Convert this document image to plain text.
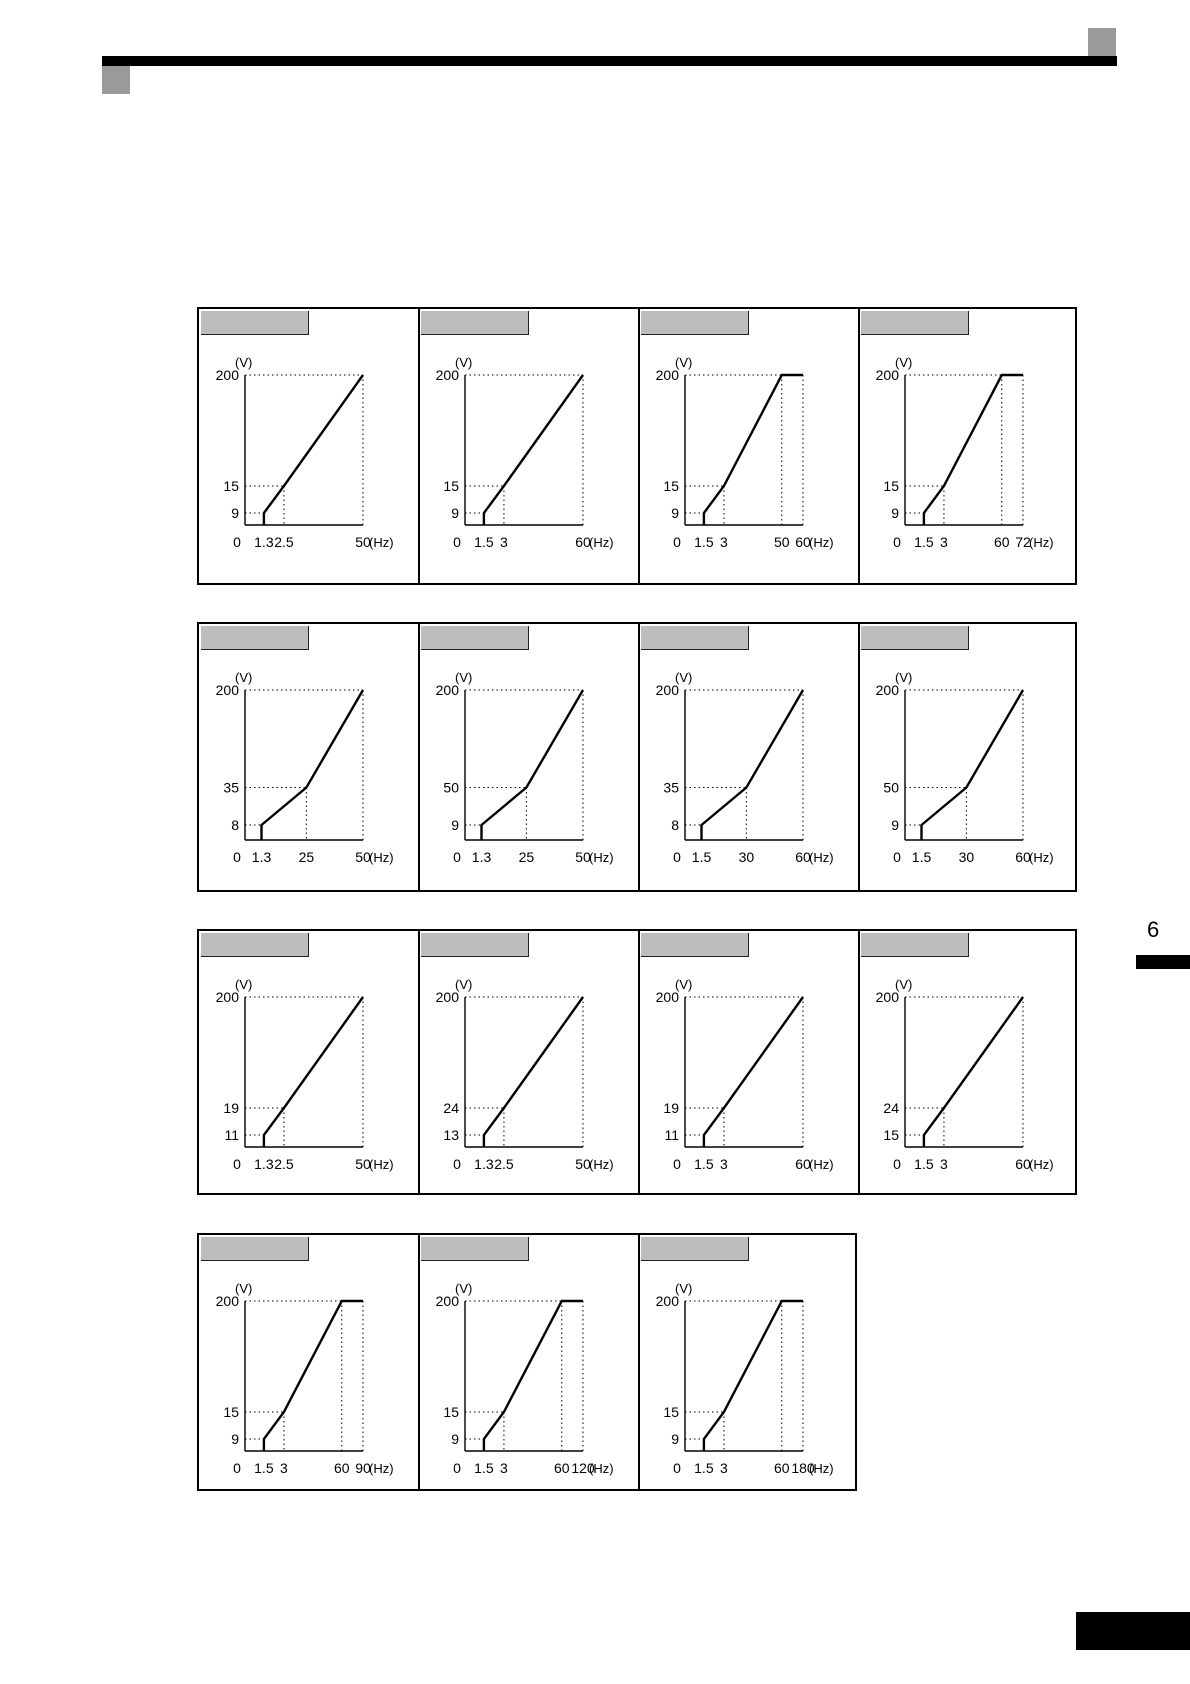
6
200
15
9
(V)
0 1.3 2.5	50
(Hz)
200
15
9
(V)
0 1.5 3	60
(Hz)
200
15
9
(V)
0 1.5 3	50 60
(Hz)
200
15
9
(V)
0 1.5 3	60 72
(Hz)
200
35
8
(V)
0 1.3 25	50
(Hz)
200
50
9
(V)
0 1.3 25	50
(Hz)
200
35
8
(V)
0 1.5 30	60
(Hz)
200
50
9
(V)
0 1.5 30	60
(Hz)
200
19
11
(V)
0 1.3 2.5	50
(Hz)
200
24
13
(V)
0 1.3 2.5	50
(Hz)
200
19
11
(V)
0 1.5 3	60
(Hz)
200
24
15
(V)
0 1.5 3	60
(Hz)
200
15
9
(V)
0 1.5 3	60 90
(Hz)
200
15
9
(V)
0 1.5 3	60 120
(Hz)
200
15
9
(V)
0 1.5 3	60 180
(Hz)
